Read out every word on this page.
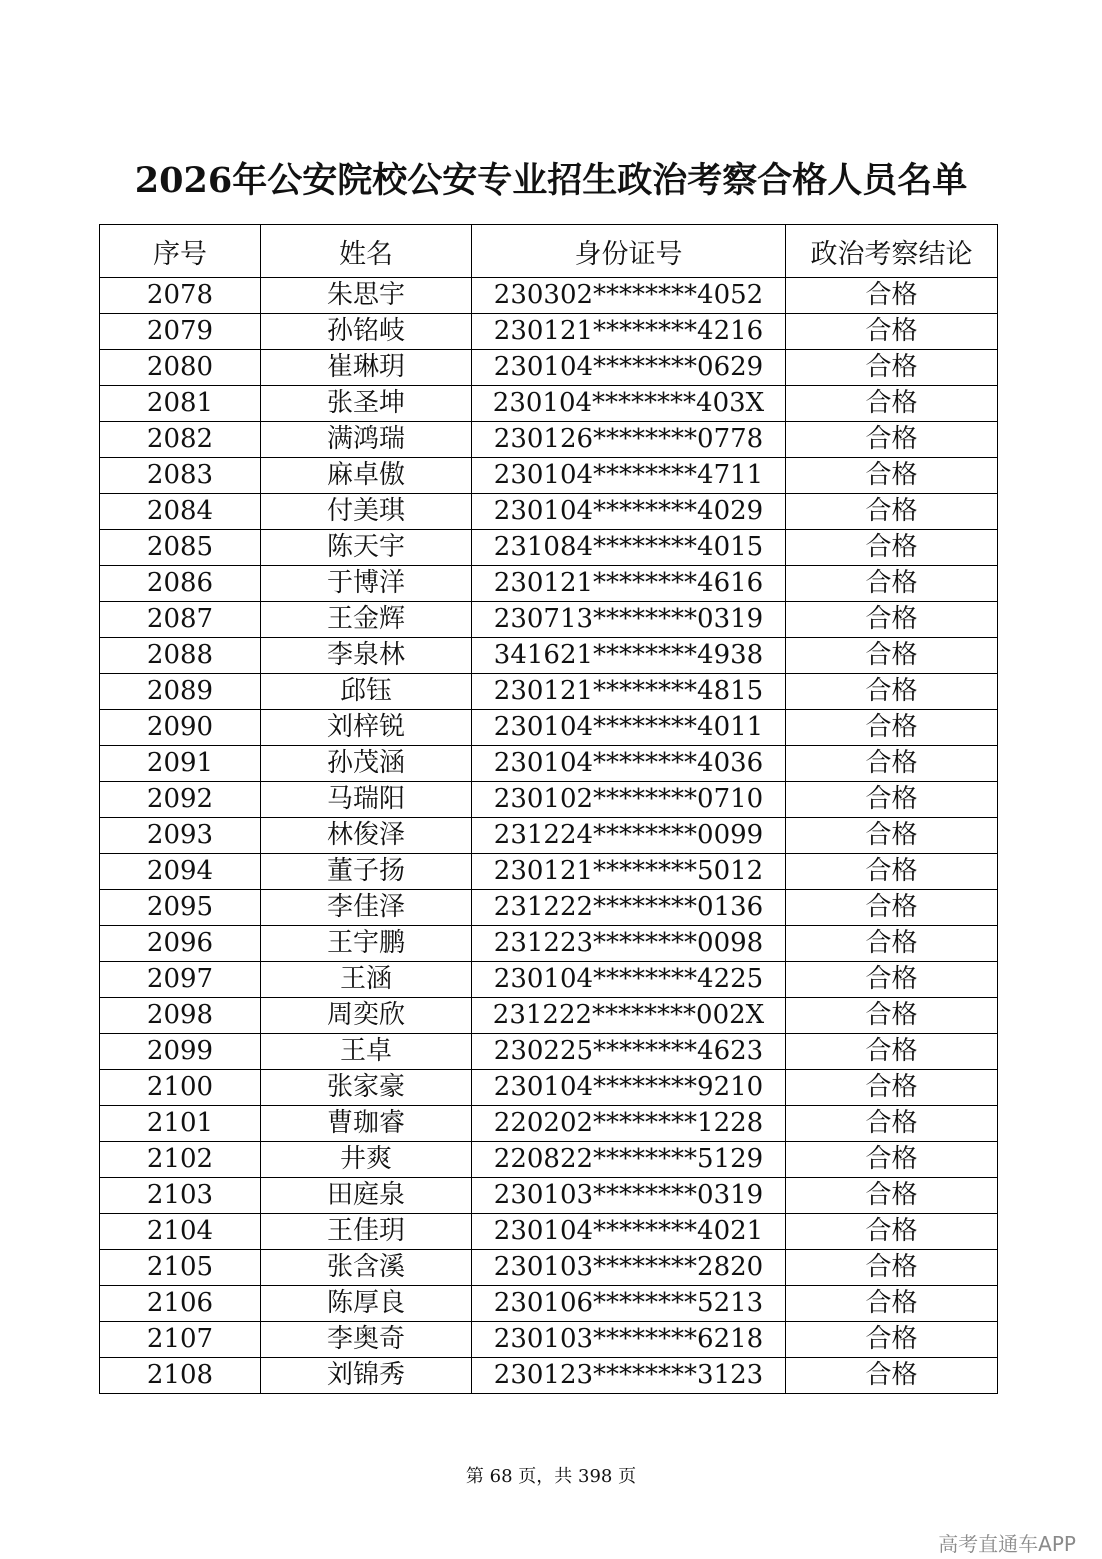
2026年公安院校公安专业招生政治考察合格人员名单
序号	姓名	身份证号	政治考察结论
2078	朱思宇	230302********4052	合格
2079	孙铭岐	230121********4216	合格
2080	崔琳玥	230104********0629	合格
2081	张圣坤	230104********403X	合格
2082	满鸿瑞	230126********0778	合格
2083	麻卓傲	230104********4711	合格
2084	付美琪	230104********4029	合格
2085	陈天宇	231084********4015	合格
2086	于博洋	230121********4616	合格
2087	王金辉	230713********0319	合格
2088	李泉林	341621********4938	合格
2089	邱钰	230121********4815	合格
2090	刘梓锐	230104********4011	合格
2091	孙茂涵	230104********4036	合格
2092	马瑞阳	230102********0710	合格
2093	林俊泽	231224********0099	合格
2094	董子扬	230121********5012	合格
2095	李佳泽	231222********0136	合格
2096	王宇鹏	231223********0098	合格
2097	王涵	230104********4225	合格
2098	周奕欣	231222********002X	合格
2099	王卓	230225********4623	合格
2100	张家豪	230104********9210	合格
2101	曹珈睿	220202********1228	合格
2102	井爽	220822********5129	合格
2103	田庭泉	230103********0319	合格
2104	王佳玥	230104********4021	合格
2105	张含溪	230103********2820	合格
2106	陈厚良	230106********5213	合格
2107	李奥奇	230103********6218	合格
2108	刘锦秀	230123********3123	合格
第 68 页，共 398 页
高考直通车APP
